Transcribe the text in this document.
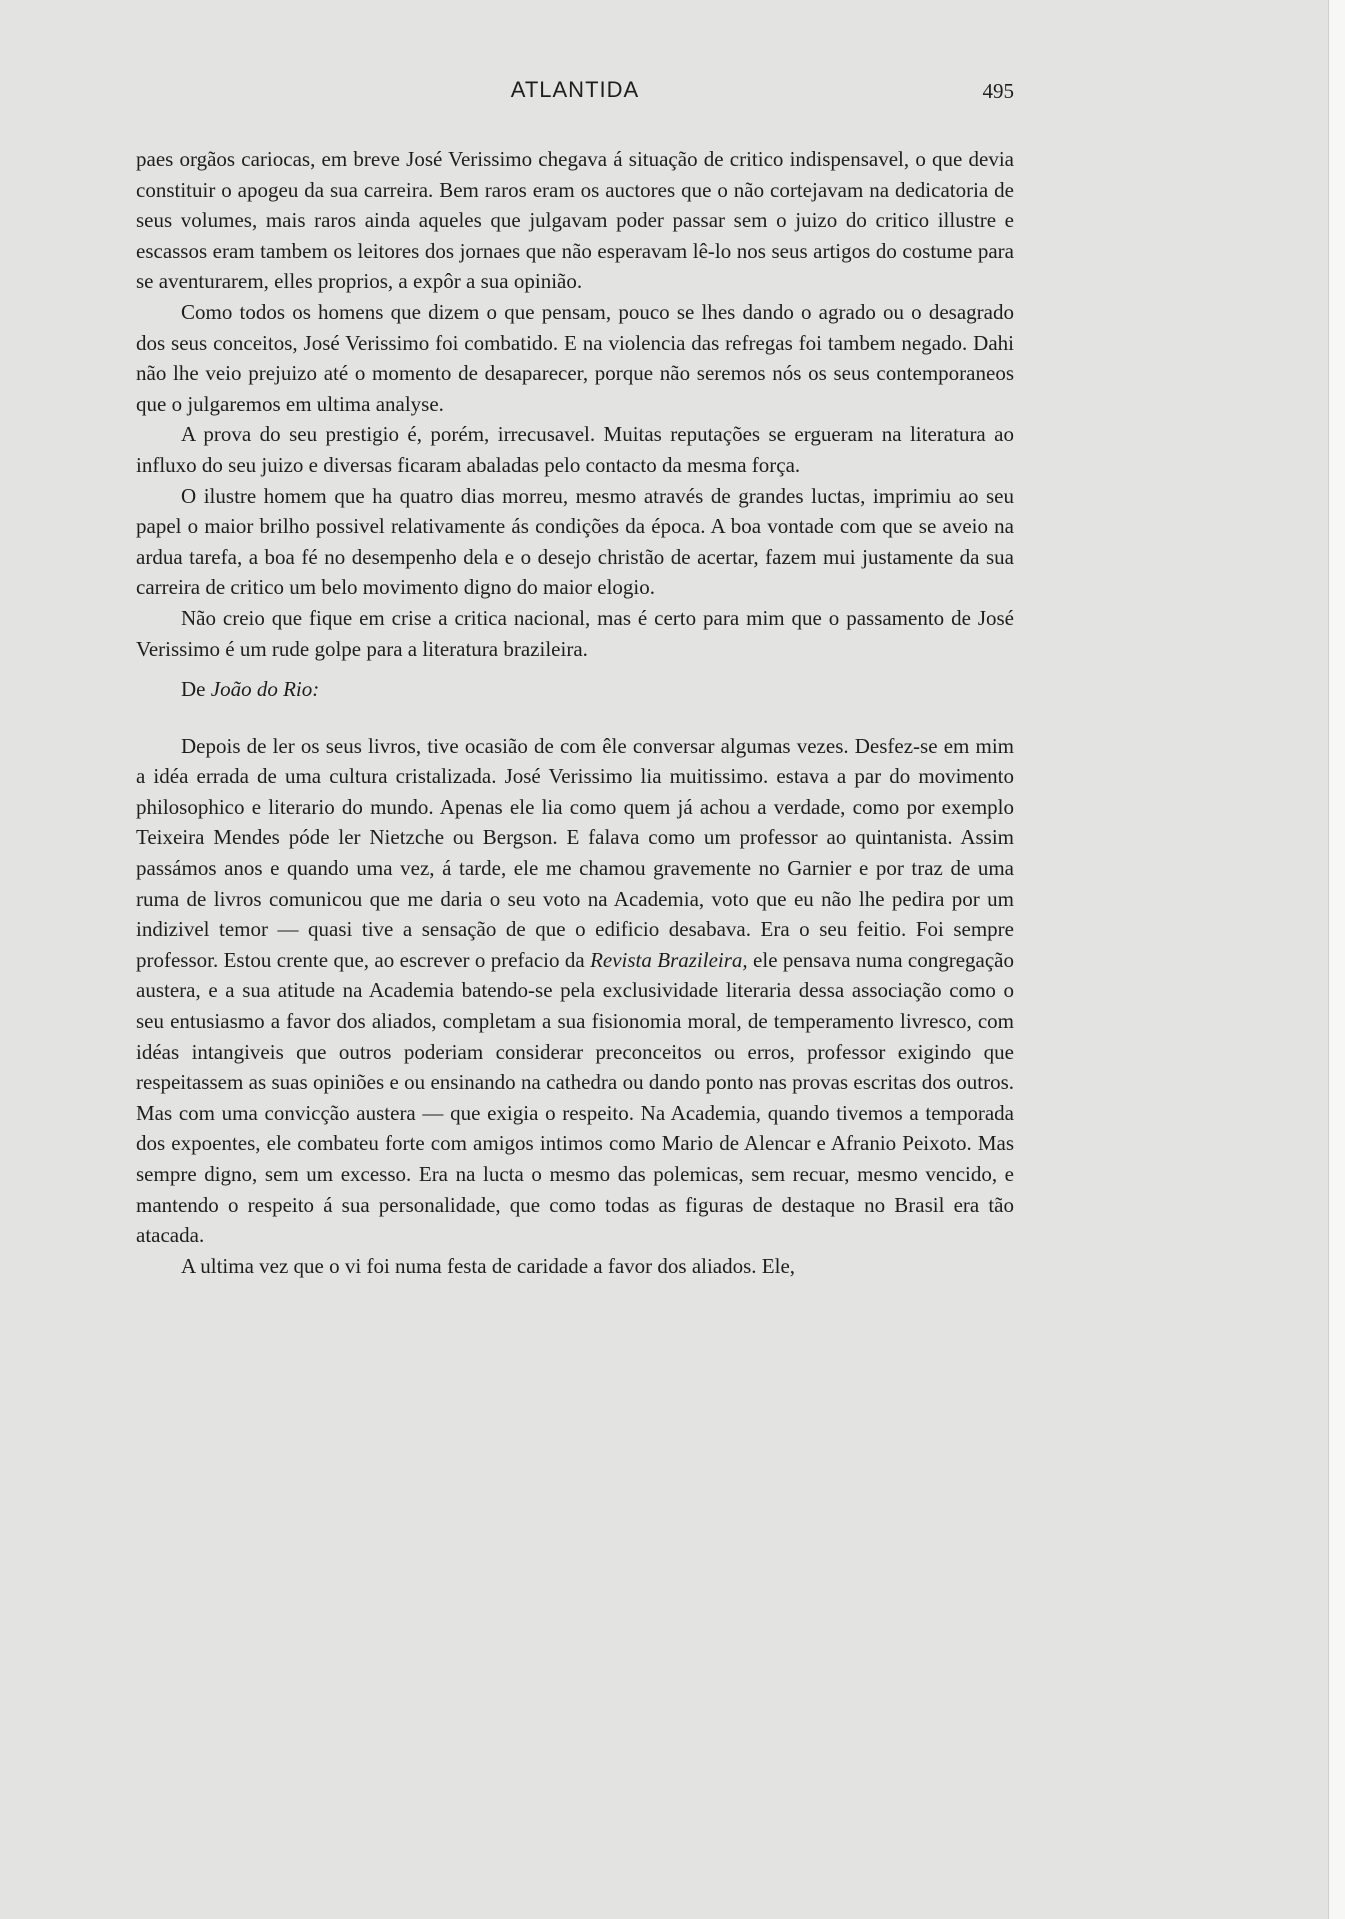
ATLANTIDA	495

paes orgãos cariocas, em breve José Verissimo chegava á situação de critico indispensavel, o que devia constituir o apogeu da sua carreira. Bem raros eram os auctores que o não cortejavam na dedicatoria de seus volumes, mais raros ainda aqueles que julgavam poder passar sem o juizo do critico illustre e escassos eram tambem os leitores dos jornaes que não esperavam lê-lo nos seus artigos do costume para se aventurarem, elles proprios, a expôr a sua opinião.

Como todos os homens que dizem o que pensam, pouco se lhes dando o agrado ou o desagrado dos seus conceitos, José Verissimo foi combatido. E na violencia das refregas foi tambem negado. Dahi não lhe veio prejuizo até o momento de desaparecer, porque não seremos nós os seus contemporaneos que o julgaremos em ultima analyse.

A prova do seu prestigio é, porém, irrecusavel. Muitas reputações se ergueram na literatura ao influxo do seu juizo e diversas ficaram abaladas pelo contacto da mesma força.

O ilustre homem que ha quatro dias morreu, mesmo através de grandes luctas, imprimiu ao seu papel o maior brilho possivel relativamente ás condições da época. A boa vontade com que se aveio na ardua tarefa, a boa fé no desempenho dela e o desejo christão de acertar, fazem mui justamente da sua carreira de critico um belo movimento digno do maior elogio.

Não creio que fique em crise a critica nacional, mas é certo para mim que o passamento de José Verissimo é um rude golpe para a literatura brazileira.

De João do Rio:

Depois de ler os seus livros, tive ocasião de com êle conversar algumas vezes. Desfez-se em mim a idéa errada de uma cultura cristalizada. José Verissimo lia muitissimo. estava a par do movimento philosophico e literario do mundo. Apenas ele lia como quem já achou a verdade, como por exemplo Teixeira Mendes póde ler Nietzche ou Bergson. E falava como um professor ao quintanista. Assim passámos anos e quando uma vez, á tarde, ele me chamou gravemente no Garnier e por traz de uma ruma de livros comunicou que me daria o seu voto na Academia, voto que eu não lhe pedira por um indizivel temor — quasi tive a sensação de que o edificio desabava. Era o seu feitio. Foi sempre professor. Estou crente que, ao escrever o prefacio da Revista Brazileira, ele pensava numa congregação austera, e a sua atitude na Academia batendo-se pela exclusividade literaria dessa associação como o seu entusiasmo a favor dos aliados, completam a sua fisionomia moral, de temperamento livresco, com idéas intangiveis que outros poderiam considerar preconceitos ou erros, professor exigindo que respeitassem as suas opiniões e ou ensinando na cathedra ou dando ponto nas provas escritas dos outros. Mas com uma convicção austera — que exigia o respeito. Na Academia, quando tivemos a temporada dos expoentes, ele combateu forte com amigos intimos como Mario de Alencar e Afranio Peixoto. Mas sempre digno, sem um excesso. Era na lucta o mesmo das polemicas, sem recuar, mesmo vencido, e mantendo o respeito á sua personalidade, que como todas as figuras de destaque no Brasil era tão atacada.

A ultima vez que o vi foi numa festa de caridade a favor dos aliados. Ele,
